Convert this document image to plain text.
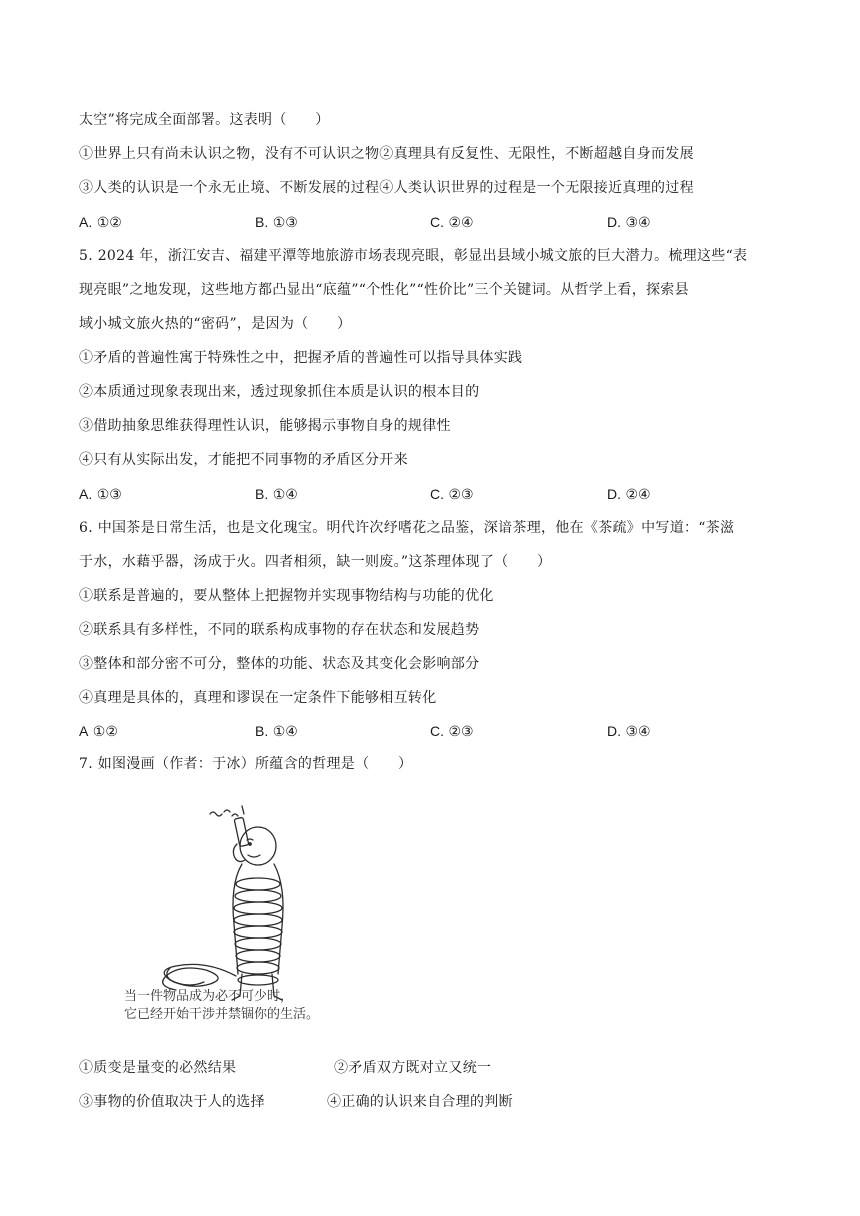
太空”将完成全面部署。这表明（　　）
①世界上只有尚未认识之物，没有不可认识之物②真理具有反复性、无限性，不断超越自身而发展
③人类的认识是一个永无止境、不断发展的过程④人类认识世界的过程是一个无限接近真理的过程
A. ①②	B. ①③	C. ②④	D. ③④
5. 2024 年，浙江安吉、福建平潭等地旅游市场表现亮眼，彰显出县域小城文旅的巨大潜力。梳理这些“表
现亮眼”之地发现，这些地方都凸显出“底蕴”“个性化”“性价比”三个关键词。从哲学上看，探索县
域小城文旅火热的“密码”，是因为（　　）
①矛盾的普遍性寓于特殊性之中，把握矛盾的普遍性可以指导具体实践
②本质通过现象表现出来，透过现象抓住本质是认识的根本目的
③借助抽象思维获得理性认识，能够揭示事物自身的规律性
④只有从实际出发，才能把不同事物的矛盾区分开来
A. ①③	B. ①④	C. ②③	D. ②④
6. 中国茶是日常生活，也是文化瑰宝。明代许次纾嗜花之品鉴，深谙茶理，他在《茶疏》中写道：“茶滋
于水，水藉乎器，汤成于火。四者相须，缺一则废。”这茶理体现了（　　）
①联系是普遍的，要从整体上把握物并实现事物结构与功能的优化
②联系具有多样性，不同的联系构成事物的存在状态和发展趋势
③整体和部分密不可分，整体的功能、状态及其变化会影响部分
④真理是具体的，真理和谬误在一定条件下能够相互转化
A ①②	B. ①④	C. ②③	D. ③④
7. 如图漫画（作者：于冰）所蕴含的哲理是（　　）
当一件物品成为必不可少时，
它已经开始干涉并禁锢你的生活。
①质变是量变的必然结果	②矛盾双方既对立又统一
③事物的价值取决于人的选择	④正确的认识来自合理的判断
